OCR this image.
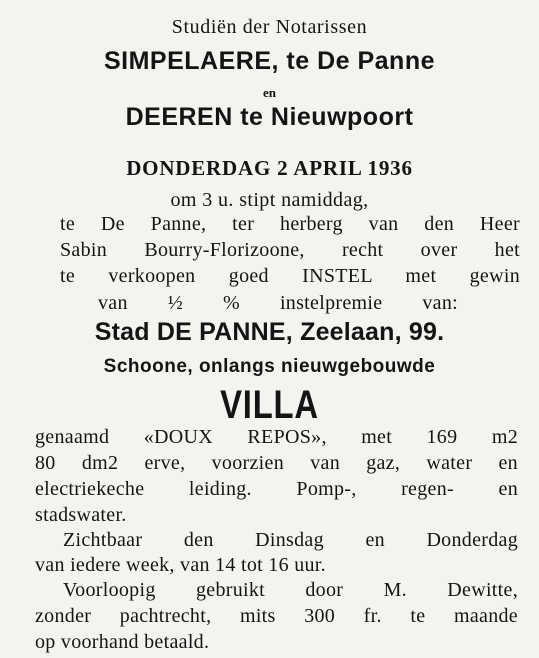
Studiën der Notarissen
SIMPELAERE, te De Panne
en
DEEREN te Nieuwpoort
DONDERDAG 2 APRIL 1936
om 3 u. stipt namiddag,
te De Panne, ter herberg van den Heer
Sabin Bourry-Florizoone, recht over het
te verkoopen goed INSTEL met gewin
van ½ % instelpremie van:
Stad DE PANNE, Zeelaan, 99.
Schoone, onlangs nieuwgebouwde
VILLA
genaamd «DOUX REPOS», met 169 m2
80 dm2 erve, voorzien van gaz, water en
electriekeche leiding. Pomp-, regen- en
stadswater.
Zichtbaar den Dinsdag en Donderdag
van iedere week, van 14 tot 16 uur.
Voorloopig gebruikt door M. Dewitte,
zonder pachtrecht, mits 300 fr. te maande
op voorhand betaald.
